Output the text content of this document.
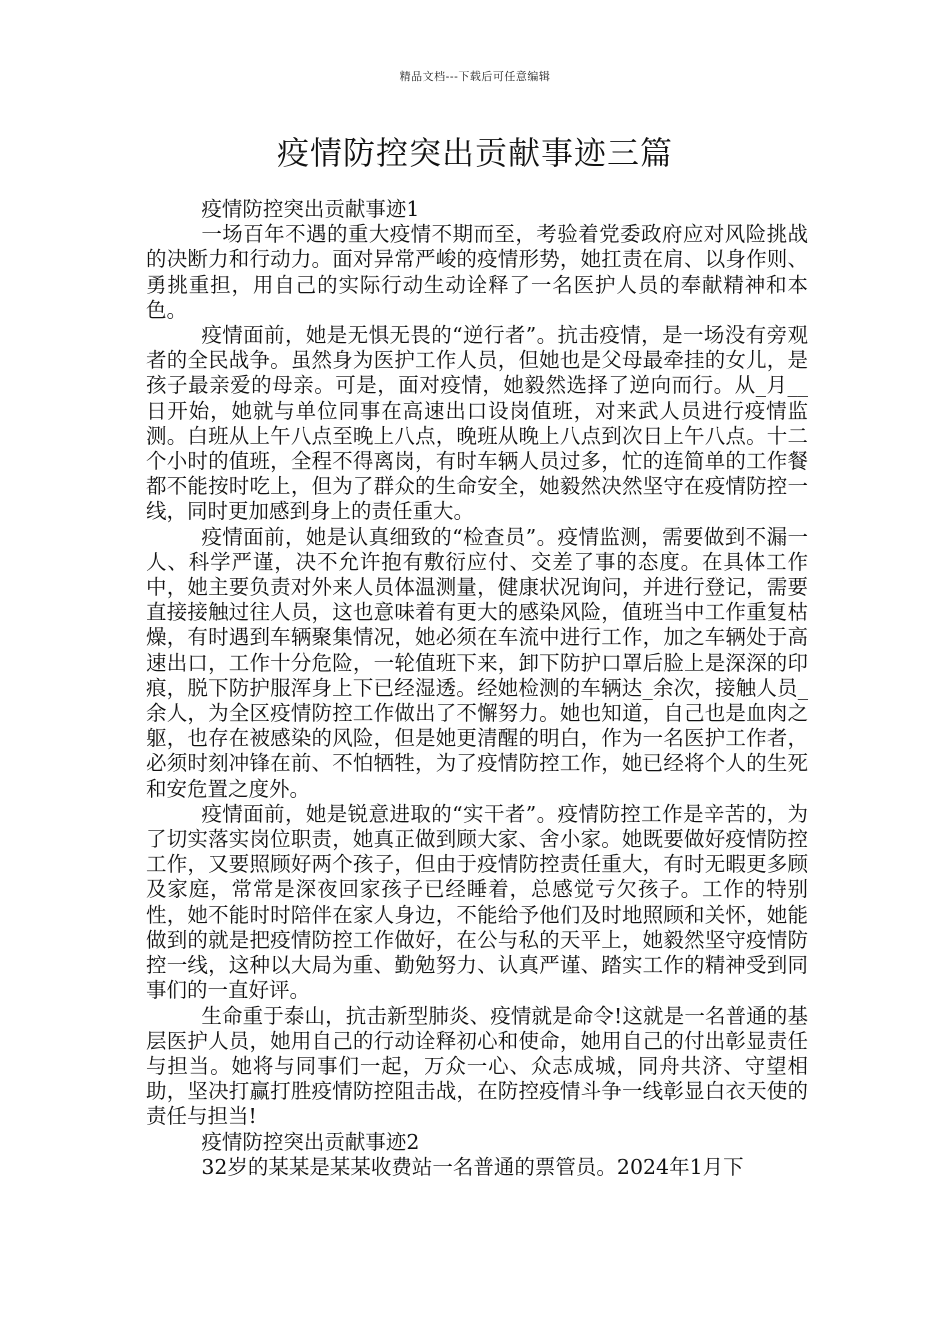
精品文档---下载后可任意编辑
疫情防控突出贡献事迹三篇

疫情防控突出贡献事迹1

一场百年不遇的重大疫情不期而至，考验着党委政府应对风险挑战的决断力和行动力。面对异常严峻的疫情形势，她扛责在肩、以身作则、勇挑重担，用自己的实际行动生动诠释了一名医护人员的奉献精神和本色。

疫情面前，她是无惧无畏的“逆行者”。抗击疫情，是一场没有旁观者的全民战争。虽然身为医护工作人员，但她也是父母最牵挂的女儿，是孩子最亲爱的母亲。可是，面对疫情，她毅然选择了逆向而行。从_月__日开始，她就与单位同事在高速出口设岗值班，对来武人员进行疫情监测。白班从上午八点至晚上八点，晚班从晚上八点到次日上午八点。十二个小时的值班，全程不得离岗，有时车辆人员过多，忙的连简单的工作餐都不能按时吃上，但为了群众的生命安全，她毅然决然坚守在疫情防控一线，同时更加感到身上的责任重大。

疫情面前，她是认真细致的“检查员”。疫情监测，需要做到不漏一人、科学严谨，决不允许抱有敷衍应付、交差了事的态度。在具体工作中，她主要负责对外来人员体温测量，健康状况询问，并进行登记，需要直接接触过往人员，这也意味着有更大的感染风险，值班当中工作重复枯燥，有时遇到车辆聚集情况，她必须在车流中进行工作，加之车辆处于高速出口，工作十分危险，一轮值班下来，卸下防护口罩后脸上是深深的印痕，脱下防护服浑身上下已经湿透。经她检测的车辆达_余次，接触人员_余人，为全区疫情防控工作做出了不懈努力。她也知道，自己也是血肉之躯，也存在被感染的风险，但是她更清醒的明白，作为一名医护工作者，必须时刻冲锋在前、不怕牺牲，为了疫情防控工作，她已经将个人的生死和安危置之度外。

疫情面前，她是锐意进取的“实干者”。疫情防控工作是辛苦的，为了切实落实岗位职责，她真正做到顾大家、舍小家。她既要做好疫情防控工作，又要照顾好两个孩子，但由于疫情防控责任重大，有时无暇更多顾及家庭，常常是深夜回家孩子已经睡着，总感觉亏欠孩子。工作的特别性，她不能时时陪伴在家人身边，不能给予他们及时地照顾和关怀，她能做到的就是把疫情防控工作做好，在公与私的天平上，她毅然坚守疫情防控一线，这种以大局为重、勤勉努力、认真严谨、踏实工作的精神受到同事们的一直好评。

生命重于泰山，抗击新型肺炎、疫情就是命令!这就是一名普通的基层医护人员，她用自己的行动诠释初心和使命，她用自己的付出彰显责任与担当。她将与同事们一起，万众一心、众志成城，同舟共济、守望相助，坚决打赢打胜疫情防控阻击战，在防控疫情斗争一线彰显白衣天使的责任与担当!

疫情防控突出贡献事迹2

32岁的某某是某某收费站一名普通的票管员。2024年1月下
